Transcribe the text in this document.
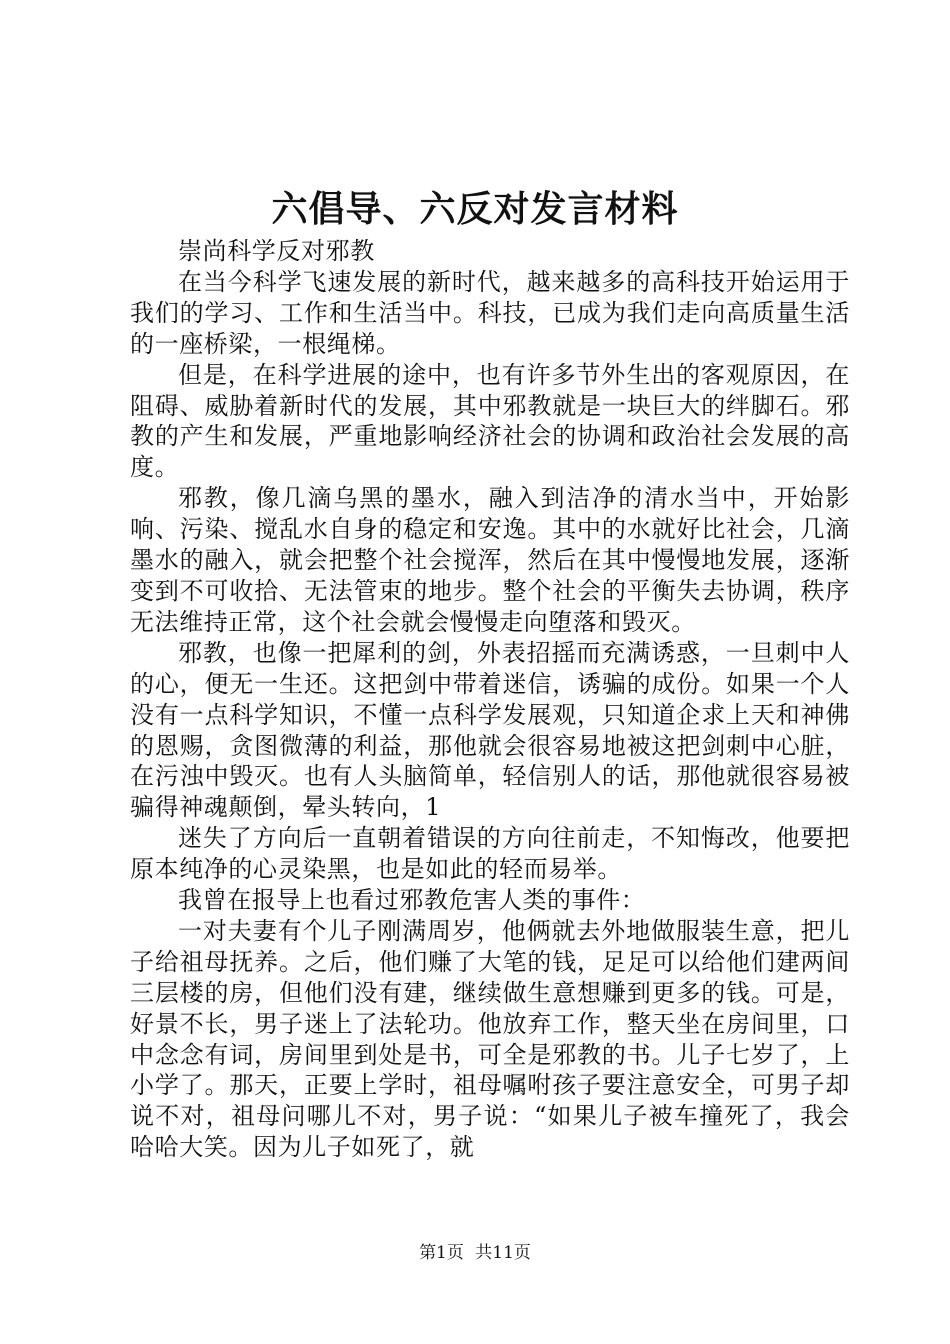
六倡导、六反对发言材料

崇尚科学反对邪教

在当今科学飞速发展的新时代，越来越多的高科技开始运用于我们的学习、工作和生活当中。科技，已成为我们走向高质量生活的一座桥梁，一根绳梯。

但是，在科学进展的途中，也有许多节外生出的客观原因，在阻碍、威胁着新时代的发展，其中邪教就是一块巨大的绊脚石。邪教的产生和发展，严重地影响经济社会的协调和政治社会发展的高度。

邪教，像几滴乌黑的墨水，融入到洁净的清水当中，开始影响、污染、搅乱水自身的稳定和安逸。其中的水就好比社会，几滴墨水的融入，就会把整个社会搅浑，然后在其中慢慢地发展，逐渐变到不可收拾、无法管束的地步。整个社会的平衡失去协调，秩序无法维持正常，这个社会就会慢慢走向堕落和毁灭。

邪教，也像一把犀利的剑，外表招摇而充满诱惑，一旦刺中人的心，便无一生还。这把剑中带着迷信，诱骗的成份。如果一个人没有一点科学知识，不懂一点科学发展观，只知道企求上天和神佛的恩赐，贪图微薄的利益，那他就会很容易地被这把剑刺中心脏，在污浊中毁灭。也有人头脑简单，轻信别人的话，那他就很容易被骗得神魂颠倒，晕头转向，1

迷失了方向后一直朝着错误的方向往前走，不知悔改，他要把原本纯净的心灵染黑，也是如此的轻而易举。

我曾在报导上也看过邪教危害人类的事件：

一对夫妻有个儿子刚满周岁，他俩就去外地做服装生意，把儿子给祖母抚养。之后，他们赚了大笔的钱，足足可以给他们建两间三层楼的房，但他们没有建，继续做生意想赚到更多的钱。可是，好景不长，男子迷上了法轮功。他放弃工作，整天坐在房间里，口中念念有词，房间里到处是书，可全是邪教的书。儿子七岁了，上小学了。那天，正要上学时，祖母嘱咐孩子要注意安全，可男子却说不对，祖母问哪儿不对，男子说：“如果儿子被车撞死了，我会哈哈大笑。因为儿子如死了，就

第1页 共11页
